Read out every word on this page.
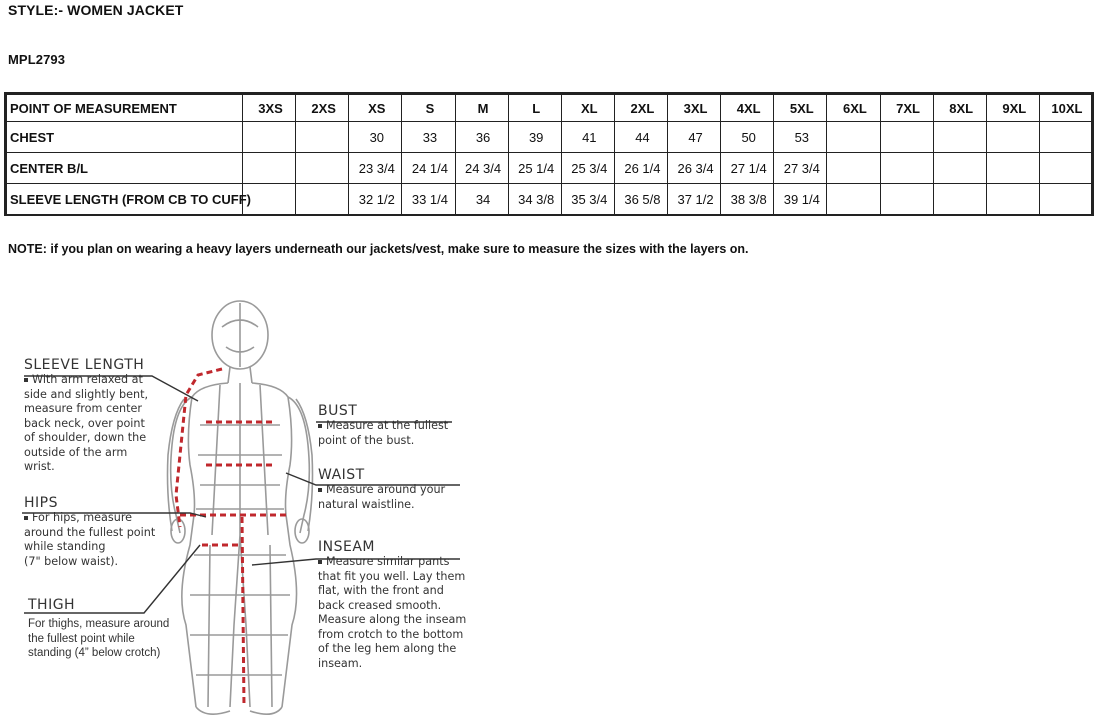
STYLE:- WOMEN JACKET
MPL2793
POINT OF MEASUREMENT	3XS	2XS	XS	S	M	L	XL	2XL	3XL	4XL	5XL	6XL	7XL	8XL	9XL	10XL
CHEST			30	33	36	39	41	44	47	50	53					
CENTER B/L			23 3/4	24 1/4	24 3/4	25 1/4	25 3/4	26 1/4	26 3/4	27 1/4	27 3/4					
SLEEVE LENGTH (FROM CB TO CUFF)			32 1/2	33 1/4	34	34 3/8	35 3/4	36 5/8	37 1/2	38 3/8	39 1/4					
NOTE: if you plan on wearing a heavy layers underneath our jackets/vest, make sure to measure the sizes with the layers on.
SLEEVE LENGTH
With arm relaxed at
side and slightly bent,
measure from center
back neck, over point
of shoulder, down the
outside of the arm
wrist.
HIPS
For hips, measure
around the fullest point
while standing
(7" below waist).
THIGH
For thighs, measure around
the fullest point while
standing (4” below crotch)
BUST
Measure at the fullest
point of the bust.
WAIST
Measure around your
natural waistline.
INSEAM
Measure similar pants
that fit you well. Lay them
flat, with the front and
back creased smooth.
Measure along the inseam
from crotch to the bottom
of the leg hem along the
inseam.
